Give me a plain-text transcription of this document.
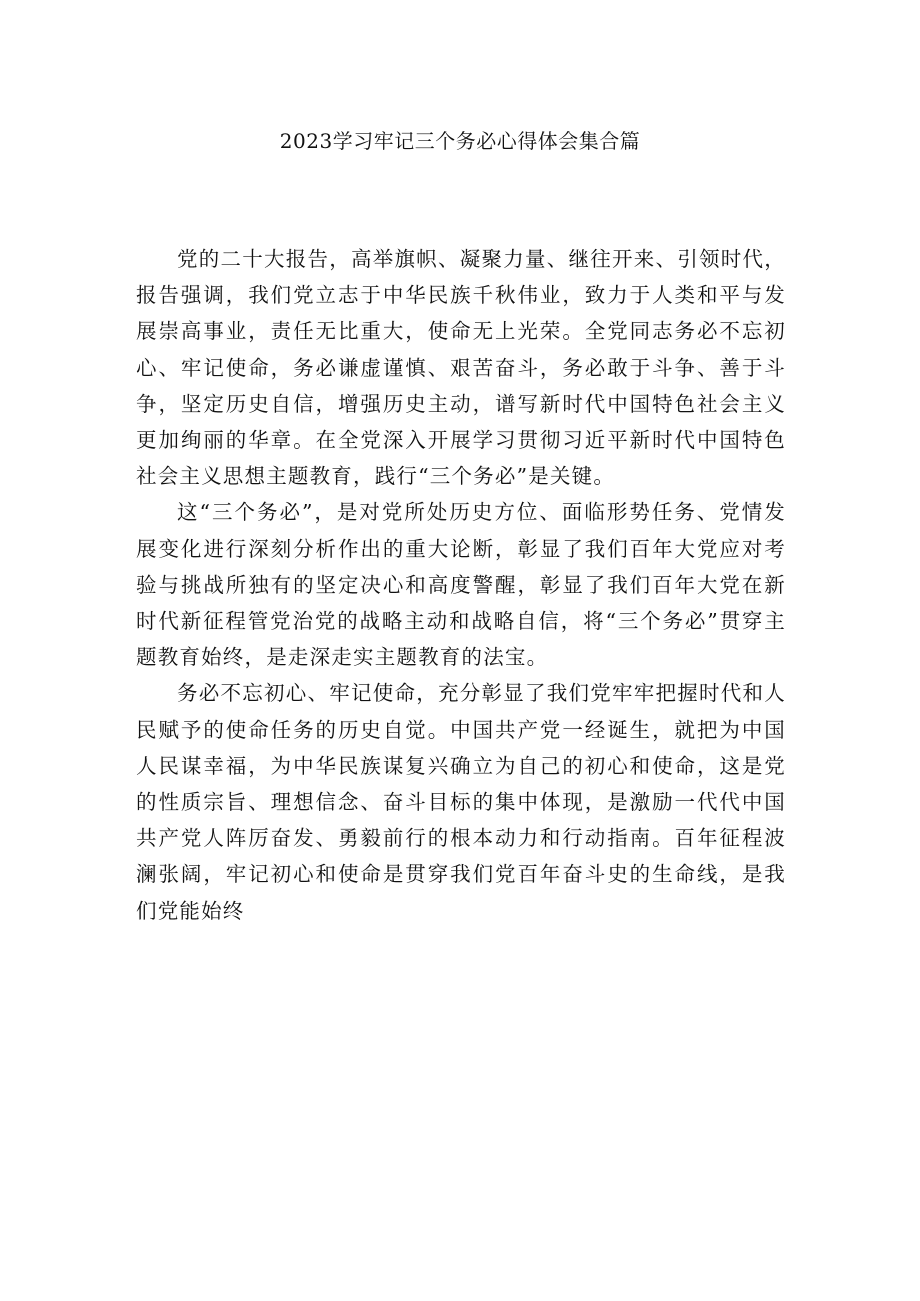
2023学习牢记三个务必心得体会集合篇

党的二十大报告，高举旗帜、凝聚力量、继往开来、引领时代，报告强调，我们党立志于中华民族千秋伟业，致力于人类和平与发展崇高事业，责任无比重大，使命无上光荣。全党同志务必不忘初心、牢记使命，务必谦虚谨慎、艰苦奋斗，务必敢于斗争、善于斗争，坚定历史自信，增强历史主动，谱写新时代中国特色社会主义更加绚丽的华章。在全党深入开展学习贯彻习近平新时代中国特色社会主义思想主题教育，践行“三个务必”是关键。

这“三个务必”，是对党所处历史方位、面临形势任务、党情发展变化进行深刻分析作出的重大论断，彰显了我们百年大党应对考验与挑战所独有的坚定决心和高度警醒，彰显了我们百年大党在新时代新征程管党治党的战略主动和战略自信，将“三个务必”贯穿主题教育始终，是走深走实主题教育的法宝。

务必不忘初心、牢记使命，充分彰显了我们党牢牢把握时代和人民赋予的使命任务的历史自觉。中国共产党一经诞生，就把为中国人民谋幸福，为中华民族谋复兴确立为自己的初心和使命，这是党的性质宗旨、理想信念、奋斗目标的集中体现，是激励一代代中国共产党人阵厉奋发、勇毅前行的根本动力和行动指南。百年征程波澜张阔，牢记初心和使命是贯穿我们党百年奋斗史的生命线，是我们党能始终
